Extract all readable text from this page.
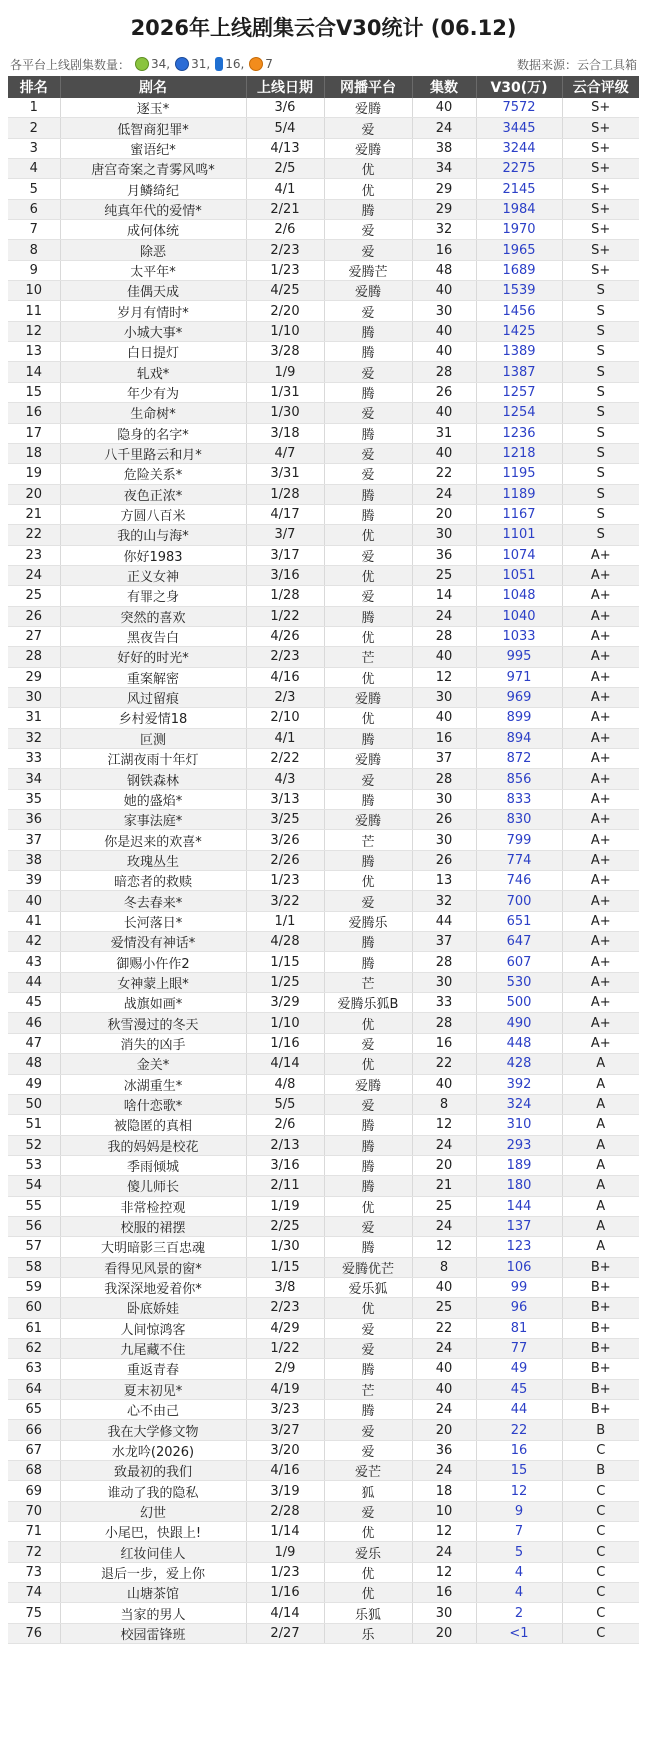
2026年上线剧集云合V30统计 (06.12)
各平台上线剧集数量： 34, 31, 16, 7	数据来源：云合工具箱
排名	剧名	上线日期	网播平台	集数	V30(万)	云合评级
1	逐玉*	3/6	爱腾	40	7572	S+
2	低智商犯罪*	5/4	爱	24	3445	S+
3	蜜语纪*	4/13	爱腾	38	3244	S+
4	唐宫奇案之青雾风鸣*	2/5	优	34	2275	S+
5	月鳞绮纪	4/1	优	29	2145	S+
6	纯真年代的爱情*	2/21	腾	29	1984	S+
7	成何体统	2/6	爱	32	1970	S+
8	除恶	2/23	爱	16	1965	S+
9	太平年*	1/23	爱腾芒	48	1689	S+
10	佳偶天成	4/25	爱腾	40	1539	S
11	岁月有情时*	2/20	爱	30	1456	S
12	小城大事*	1/10	腾	40	1425	S
13	白日提灯	3/28	腾	40	1389	S
14	轧戏*	1/9	爱	28	1387	S
15	年少有为	1/31	腾	26	1257	S
16	生命树*	1/30	爱	40	1254	S
17	隐身的名字*	3/18	腾	31	1236	S
18	八千里路云和月*	4/7	爱	40	1218	S
19	危险关系*	3/31	爱	22	1195	S
20	夜色正浓*	1/28	腾	24	1189	S
21	方圆八百米	4/17	腾	20	1167	S
22	我的山与海*	3/7	优	30	1101	S
23	你好1983	3/17	爱	36	1074	A+
24	正义女神	3/16	优	25	1051	A+
25	有罪之身	1/28	爱	14	1048	A+
26	突然的喜欢	1/22	腾	24	1040	A+
27	黑夜告白	4/26	优	28	1033	A+
28	好好的时光*	2/23	芒	40	995	A+
29	重案解密	4/16	优	12	971	A+
30	风过留痕	2/3	爱腾	30	969	A+
31	乡村爱情18	2/10	优	40	899	A+
32	叵测	4/1	腾	16	894	A+
33	江湖夜雨十年灯	2/22	爱腾	37	872	A+
34	钢铁森林	4/3	爱	28	856	A+
35	她的盛焰*	3/13	腾	30	833	A+
36	家事法庭*	3/25	爱腾	26	830	A+
37	你是迟来的欢喜*	3/26	芒	30	799	A+
38	玫瑰丛生	2/26	腾	26	774	A+
39	暗恋者的救赎	1/23	优	13	746	A+
40	冬去春来*	3/22	爱	32	700	A+
41	长河落日*	1/1	爱腾乐	44	651	A+
42	爱情没有神话*	4/28	腾	37	647	A+
43	御赐小仵作2	1/15	腾	28	607	A+
44	女神蒙上眼*	1/25	芒	30	530	A+
45	战旗如画*	3/29	爱腾乐狐B	33	500	A+
46	秋雪漫过的冬天	1/10	优	28	490	A+
47	消失的凶手	1/16	爱	16	448	A+
48	金关*	4/14	优	22	428	A
49	冰湖重生*	4/8	爱腾	40	392	A
50	啥什恋歌*	5/5	爱	8	324	A
51	被隐匿的真相	2/6	腾	12	310	A
52	我的妈妈是校花	2/13	腾	24	293	A
53	季雨倾城	3/16	腾	20	189	A
54	傻儿师长	2/11	腾	21	180	A
55	非常检控观	1/19	优	25	144	A
56	校服的裙摆	2/25	爱	24	137	A
57	大明暗影三百忠魂	1/30	腾	12	123	A
58	看得见风景的窗*	1/15	爱腾优芒	8	106	B+
59	我深深地爱着你*	3/8	爱乐狐	40	99	B+
60	卧底娇娃	2/23	优	25	96	B+
61	人间惊鸿客	4/29	爱	22	81	B+
62	九尾藏不住	1/22	爱	24	77	B+
63	重返青春	2/9	腾	40	49	B+
64	夏末初见*	4/19	芒	40	45	B+
65	心不由己	3/23	腾	24	44	B+
66	我在大学修文物	3/27	爱	20	22	B
67	水龙吟(2026)	3/20	爱	36	16	C
68	致最初的我们	4/16	爱芒	24	15	B
69	谁动了我的隐私	3/19	狐	18	12	C
70	幻世	2/28	爱	10	9	C
71	小尾巴，快跟上!	1/14	优	12	7	C
72	红妆问佳人	1/9	爱乐	24	5	C
73	退后一步，爱上你	1/23	优	12	4	C
74	山塘茶馆	1/16	优	16	4	C
75	当家的男人	4/14	乐狐	30	2	C
76	校园雷锋班	2/27	乐	20	<1	C
